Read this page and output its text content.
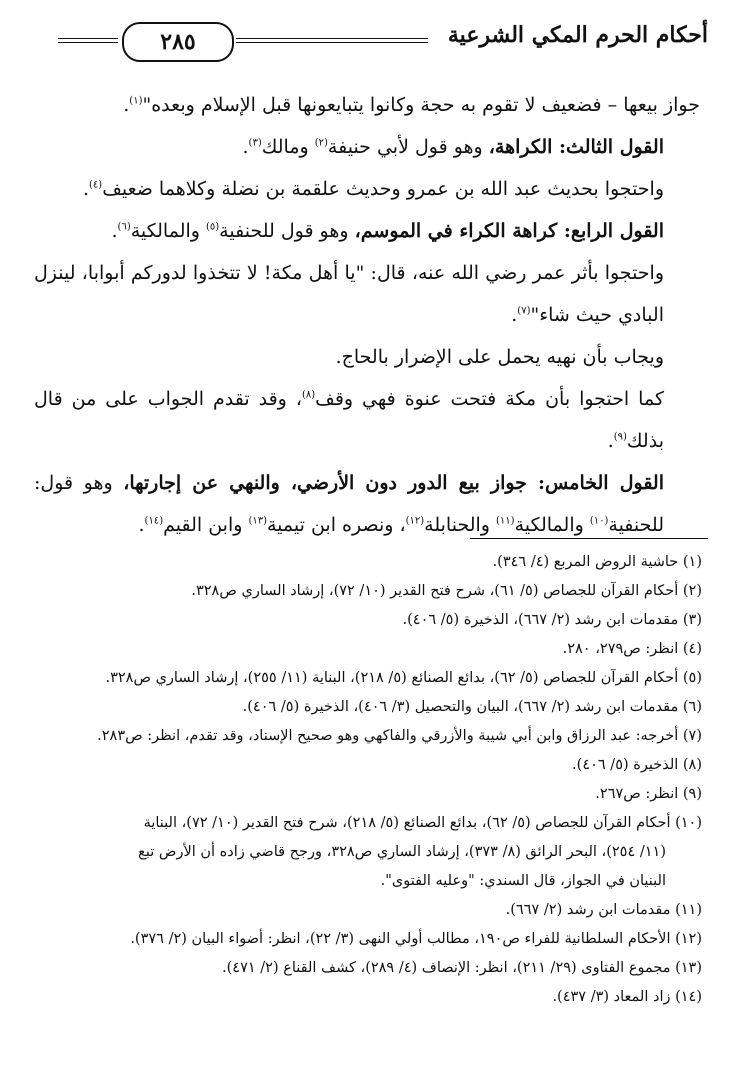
أحكام الحرم المكي الشرعية
٢٨٥

جواز بيعها – فضعيف لا تقوم به حجة وكانوا يتبايعونها قبل الإسلام وبعده"$^{(١)}$.

القول الثالث: الكراهة، وهو قول لأبي حنيفة$^{(٢)}$ ومالك$^{(٣)}$.

واحتجوا بحديث عبد الله بن عمرو وحديث علقمة بن نضلة وكلاهما ضعيف$^{(٤)}$.

القول الرابع: كراهة الكراء في الموسم، وهو قول للحنفية$^{(٥)}$ والمالكية$^{(٦)}$.

واحتجوا بأثر عمر رضي الله عنه، قال: "يا أهل مكة! لا تتخذوا لدوركم أبوابا، لينزل البادي حيث شاء"$^{(٧)}$.

ويجاب بأن نهيه يحمل على الإضرار بالحاج.

كما احتجوا بأن مكة فتحت عنوة فهي وقف$^{(٨)}$، وقد تقدم الجواب على من قال بذلك$^{(٩)}$.

القول الخامس: جواز بيع الدور دون الأرضي، والنهي عن إجارتها، وهو قول: للحنفية$^{(١٠)}$ والمالكية$^{(١١)}$ والحنابلة$^{(١٢)}$، ونصره ابن تيمية$^{(١٣)}$ وابن القيم$^{(١٤)}$.

(١) حاشية الروض المربع (٤/ ٣٤٦).

(٢) أحكام القرآن للجصاص (٥/ ٦١)، شرح فتح القدير (١٠/ ٧٢)، إرشاد الساري ص٣٢٨.

(٣) مقدمات ابن رشد (٢/ ٦٦٧)، الذخيرة (٥/ ٤٠٦).

(٤) انظر: ص٢٧٩، ٢٨٠.

(٥) أحكام القرآن للجصاص (٥/ ٦٢)، بدائع الصنائع (٥/ ٢١٨)، البناية (١١/ ٢٥٥)، إرشاد الساري ص٣٢٨.

(٦) مقدمات ابن رشد (٢/ ٦٦٧)، البيان والتحصيل (٣/ ٤٠٦)، الذخيرة (٥/ ٤٠٦).

(٧) أخرجه: عبد الرزاق وابن أبي شيبة والأزرقي والفاكهي وهو صحيح الإسناد، وقد تقدم، انظر: ص٢٨٣.

(٨) الذخيرة (٥/ ٤٠٦).

(٩) انظر: ص٢٦٧.

(١٠) أحكام القرآن للجصاص (٥/ ٦٢)، بدائع الصنائع (٥/ ٢١٨)، شرح فتح القدير (١٠/ ٧٢)، البناية

(١١/ ٢٥٤)، البحر الرائق (٨/ ٣٧٣)، إرشاد الساري ص٣٢٨، ورجح قاضي زاده أن الأرض تبع

البنيان في الجواز، قال السندي: "وعليه الفتوى".

(١١) مقدمات ابن رشد (٢/ ٦٦٧).

(١٢) الأحكام السلطانية للفراء ص١٩٠، مطالب أولي النهى (٣/ ٢٢)، انظر: أضواء البيان (٢/ ٣٧٦).

(١٣) مجموع الفتاوى (٢٩/ ٢١١)، انظر: الإنصاف (٤/ ٢٨٩)، كشف القناع (٢/ ٤٧١).

(١٤) زاد المعاد (٣/ ٤٣٧).
